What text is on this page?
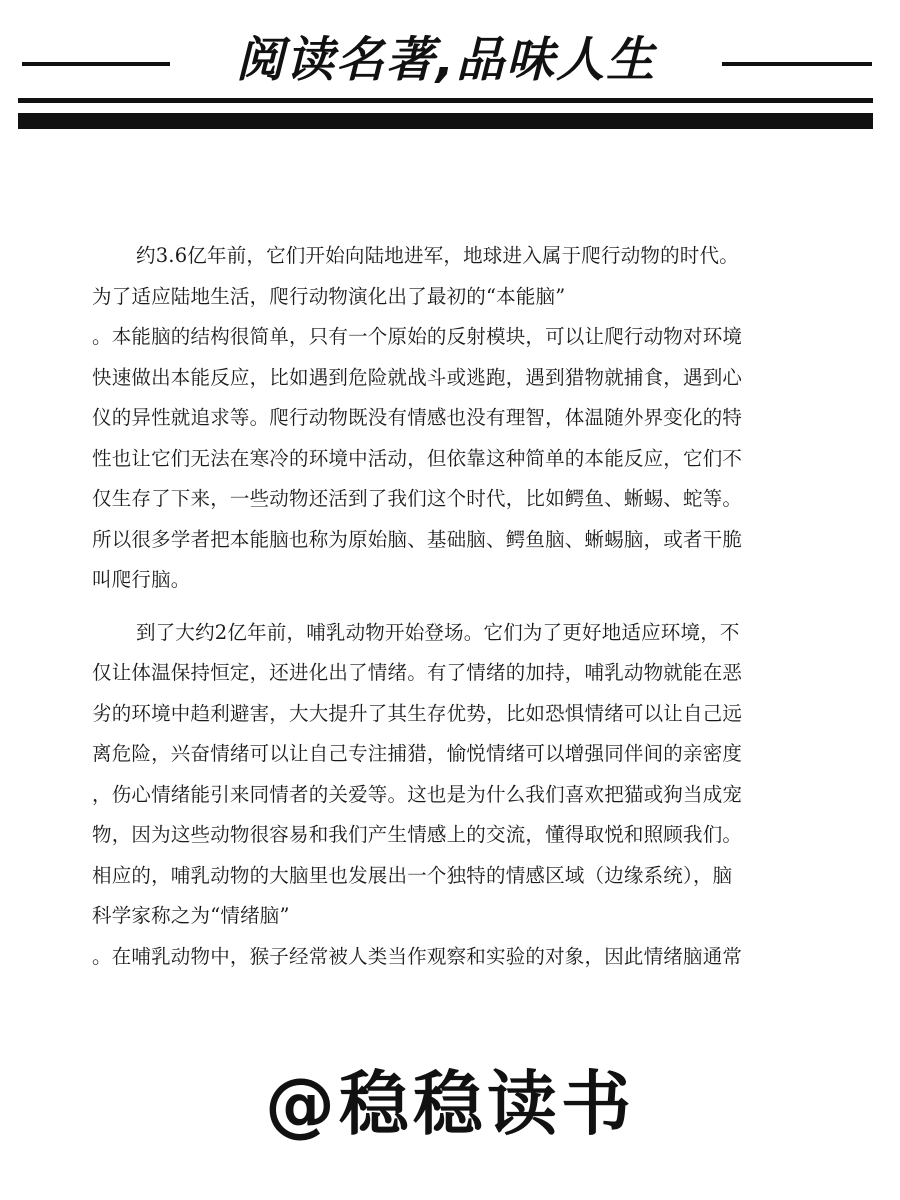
阅读名著,品味人生
约3.6亿年前，它们开始向陆地进军，地球进入属于爬行动物的时代。
为了适应陆地生活，爬行动物演化出了最初的“本能脑”
。本能脑的结构很简单，只有一个原始的反射模块，可以让爬行动物对环境
快速做出本能反应，比如遇到危险就战斗或逃跑，遇到猎物就捕食，遇到心
仪的异性就追求等。爬行动物既没有情感也没有理智，体温随外界变化的特
性也让它们无法在寒冷的环境中活动，但依靠这种简单的本能反应，它们不
仅生存了下来，一些动物还活到了我们这个时代，比如鳄鱼、蜥蜴、蛇等。
所以很多学者把本能脑也称为原始脑、基础脑、鳄鱼脑、蜥蜴脑，或者干脆
叫爬行脑。
到了大约2亿年前，哺乳动物开始登场。它们为了更好地适应环境，不
仅让体温保持恒定，还进化出了情绪。有了情绪的加持，哺乳动物就能在恶
劣的环境中趋利避害，大大提升了其生存优势，比如恐惧情绪可以让自己远
离危险，兴奋情绪可以让自己专注捕猎，愉悦情绪可以增强同伴间的亲密度
，伤心情绪能引来同情者的关爱等。这也是为什么我们喜欢把猫或狗当成宠
物，因为这些动物很容易和我们产生情感上的交流，懂得取悦和照顾我们。
相应的，哺乳动物的大脑里也发展出一个独特的情感区域（边缘系统），脑
科学家称之为“情绪脑”
。在哺乳动物中，猴子经常被人类当作观察和实验的对象，因此情绪脑通常
@稳稳读书
